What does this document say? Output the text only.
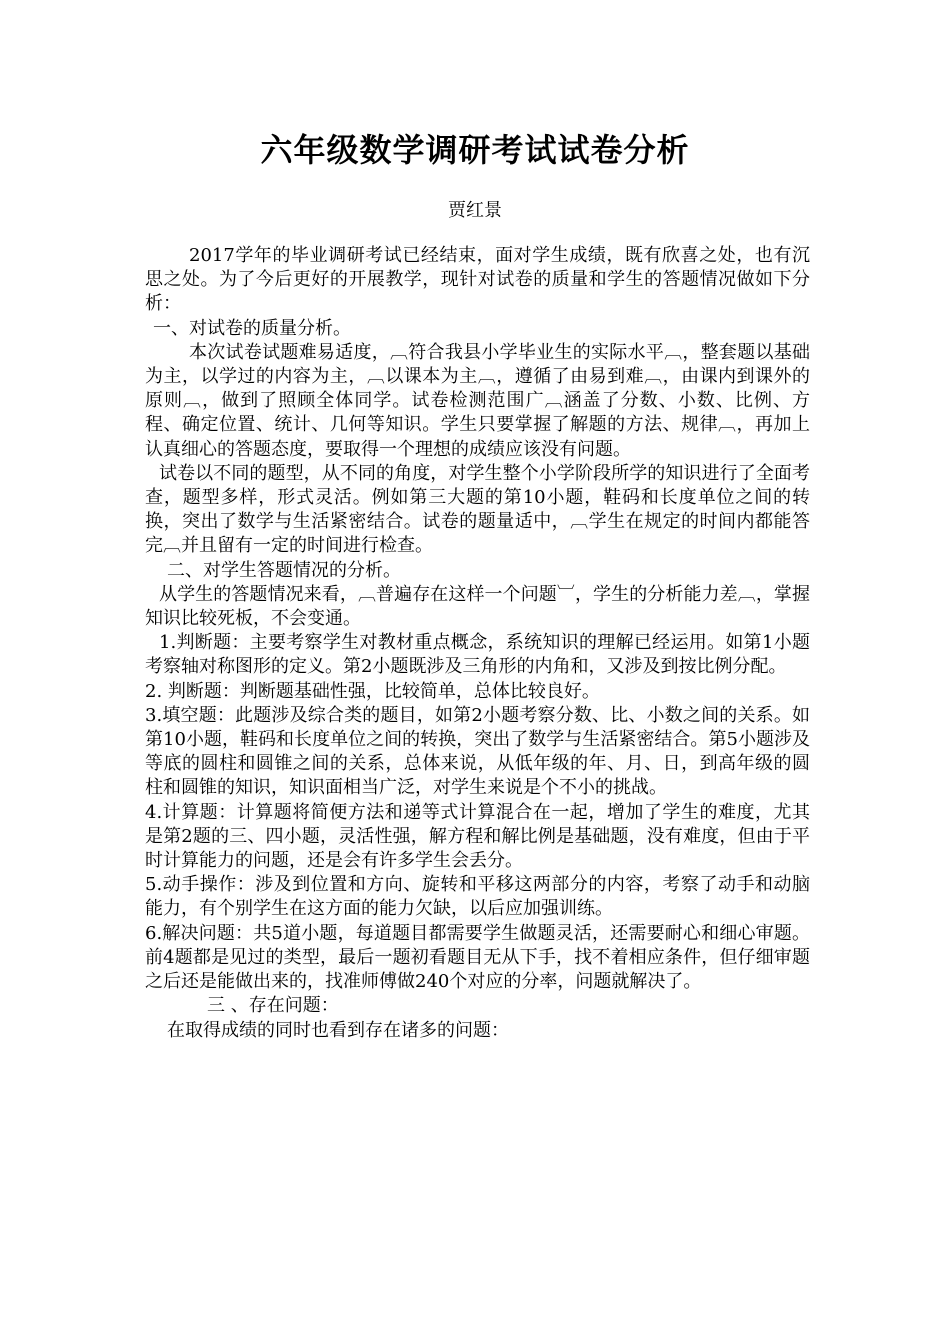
六年级数学调研考试试卷分析
贾红景

2017学年的毕业调研考试已经结束，面对学生成绩，既有欣喜之处，也有沉思之处。为了今后更好的开展教学，现针对试卷的质量和学生的答题情况做如下分析：

一、对试卷的质量分析。

本次试卷试题难易适度，︹符合我县小学毕业生的实际水平︹，整套题以基础为主，以学过的内容为主，︹以课本为主︹，遵循了由易到难︹，由课内到课外的原则︹，做到了照顾全体同学。试卷检测范围广︹涵盖了分数、小数、比例、方程、确定位置、统计、几何等知识。学生只要掌握了解题的方法、规律︹，再加上认真细心的答题态度，要取得一个理想的成绩应该没有问题。

试卷以不同的题型，从不同的角度，对学生整个小学阶段所学的知识进行了全面考查，题型多样，形式灵活。例如第三大题的第10小题，鞋码和长度单位之间的转换，突出了数学与生活紧密结合。试卷的题量适中，︹学生在规定的时间内都能答完︹并且留有一定的时间进行检查。

二、对学生答题情况的分析。

从学生的答题情况来看，︹普遍存在这样一个问题︺，学生的分析能力差︹，掌握知识比较死板，不会变通。

1.判断题：主要考察学生对教材重点概念，系统知识的理解已经运用。如第1小题考察轴对称图形的定义。第2小题既涉及三角形的内角和，又涉及到按比例分配。

2. 判断题：判断题基础性强，比较简单，总体比较良好。

3.填空题：此题涉及综合类的题目，如第2小题考察分数、比、小数之间的关系。如第10小题，鞋码和长度单位之间的转换，突出了数学与生活紧密结合。第5小题涉及等底的圆柱和圆锥之间的关系，总体来说，从低年级的年、月、日，到高年级的圆柱和圆锥的知识，知识面相当广泛，对学生来说是个不小的挑战。

4.计算题：计算题将简便方法和递等式计算混合在一起，增加了学生的难度，尤其是第2题的三、四小题，灵活性强，解方程和解比例是基础题，没有难度，但由于平时计算能力的问题，还是会有许多学生会丢分。

5.动手操作：涉及到位置和方向、旋转和平移这两部分的内容，考察了动手和动脑能力，有个别学生在这方面的能力欠缺，以后应加强训练。

6.解决问题：共5道小题，每道题目都需要学生做题灵活，还需要耐心和细心审题。前4题都是见过的类型，最后一题初看题目无从下手，找不着相应条件，但仔细审题之后还是能做出来的，找准师傅做240个对应的分率，问题就解决了。

三 、存在问题：

在取得成绩的同时也看到存在诸多的问题：
